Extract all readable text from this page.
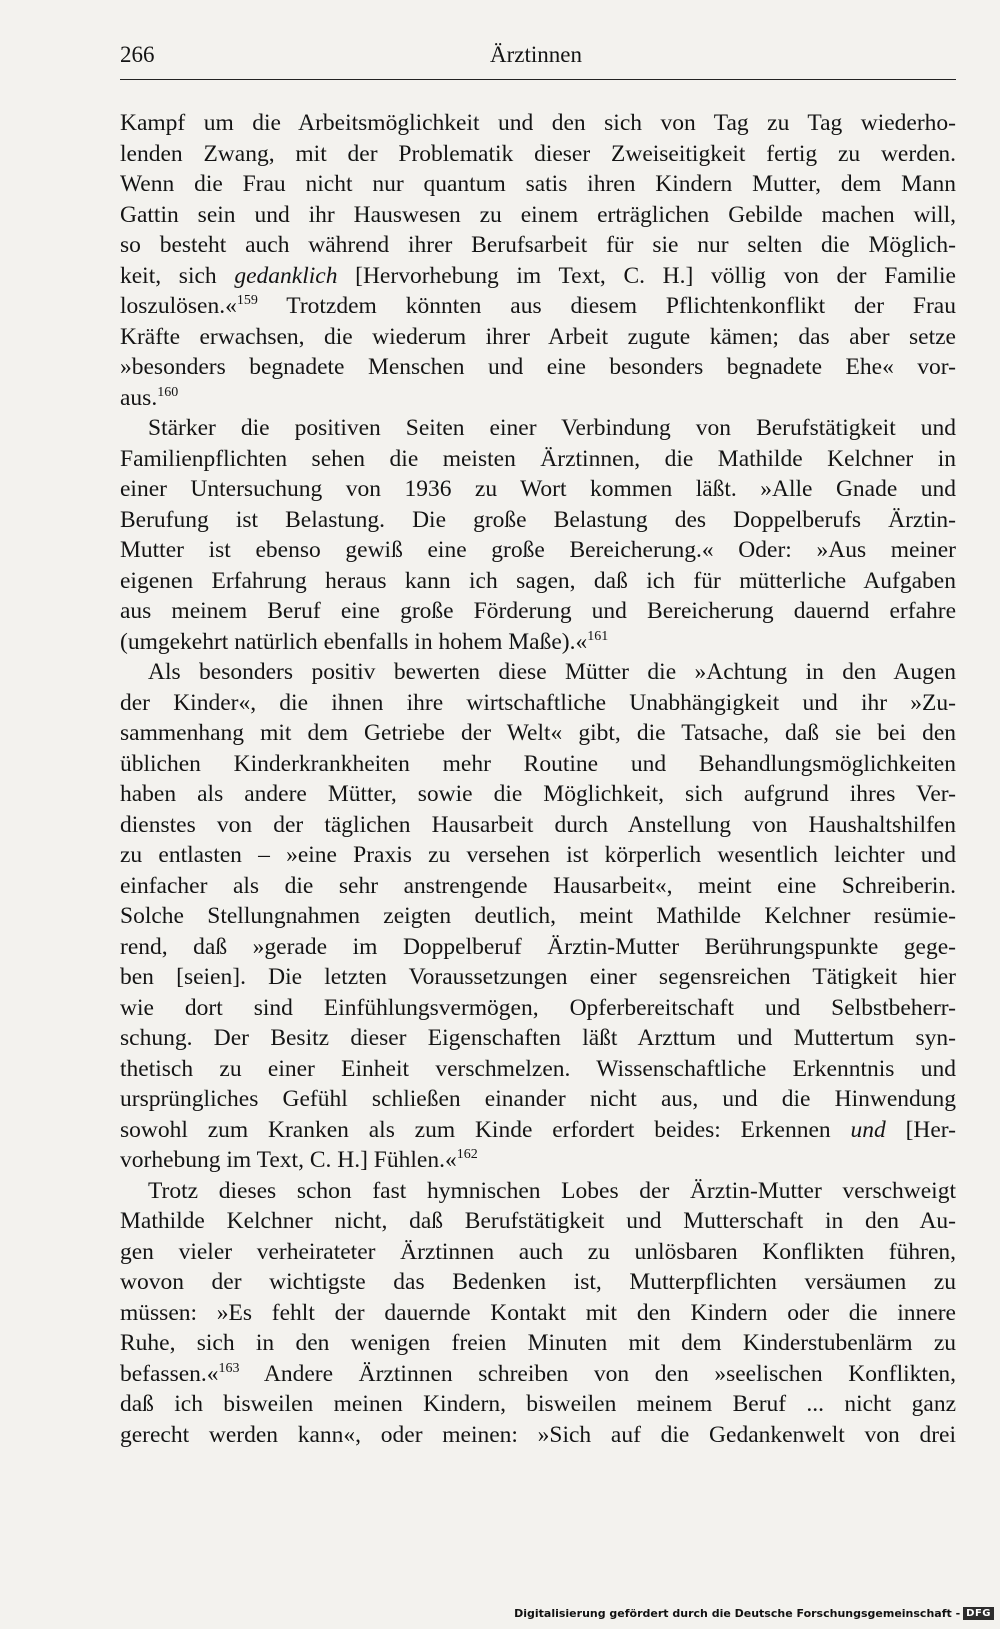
266	Ärztinnen
Kampf um die Arbeitsmöglichkeit und den sich von Tag zu Tag wiederho-
lenden Zwang, mit der Problematik dieser Zweiseitigkeit fertig zu werden.
Wenn die Frau nicht nur quantum satis ihren Kindern Mutter, dem Mann
Gattin sein und ihr Hauswesen zu einem erträglichen Gebilde machen will,
so besteht auch während ihrer Berufsarbeit für sie nur selten die Möglich-
keit, sich gedanklich [Hervorhebung im Text, C. H.] völlig von der Familie
loszulösen.«$^{159}$ Trotzdem könnten aus diesem Pflichtenkonflikt der Frau
Kräfte erwachsen, die wiederum ihrer Arbeit zugute kämen; das aber setze
»besonders begnadete Menschen und eine besonders begnadete Ehe« vor-
aus.$^{160}$
Stärker die positiven Seiten einer Verbindung von Berufstätigkeit und
Familienpflichten sehen die meisten Ärztinnen, die Mathilde Kelchner in
einer Untersuchung von 1936 zu Wort kommen läßt. »Alle Gnade und
Berufung ist Belastung. Die große Belastung des Doppelberufs Ärztin-
Mutter ist ebenso gewiß eine große Bereicherung.« Oder: »Aus meiner
eigenen Erfahrung heraus kann ich sagen, daß ich für mütterliche Aufgaben
aus meinem Beruf eine große Förderung und Bereicherung dauernd erfahre
(umgekehrt natürlich ebenfalls in hohem Maße).«$^{161}$
Als besonders positiv bewerten diese Mütter die »Achtung in den Augen
der Kinder«, die ihnen ihre wirtschaftliche Unabhängigkeit und ihr »Zu-
sammenhang mit dem Getriebe der Welt« gibt, die Tatsache, daß sie bei den
üblichen Kinderkrankheiten mehr Routine und Behandlungsmöglichkeiten
haben als andere Mütter, sowie die Möglichkeit, sich aufgrund ihres Ver-
dienstes von der täglichen Hausarbeit durch Anstellung von Haushaltshilfen
zu entlasten – »eine Praxis zu versehen ist körperlich wesentlich leichter und
einfacher als die sehr anstrengende Hausarbeit«, meint eine Schreiberin.
Solche Stellungnahmen zeigten deutlich, meint Mathilde Kelchner resümie-
rend, daß »gerade im Doppelberuf Ärztin-Mutter Berührungspunkte gege-
ben [seien]. Die letzten Voraussetzungen einer segensreichen Tätigkeit hier
wie dort sind Einfühlungsvermögen, Opferbereitschaft und Selbstbeherr-
schung. Der Besitz dieser Eigenschaften läßt Arzttum und Muttertum syn-
thetisch zu einer Einheit verschmelzen. Wissenschaftliche Erkenntnis und
ursprüngliches Gefühl schließen einander nicht aus, und die Hinwendung
sowohl zum Kranken als zum Kinde erfordert beides: Erkennen und [Her-
vorhebung im Text, C. H.] Fühlen.«$^{162}$
Trotz dieses schon fast hymnischen Lobes der Ärztin-Mutter verschweigt
Mathilde Kelchner nicht, daß Berufstätigkeit und Mutterschaft in den Au-
gen vieler verheirateter Ärztinnen auch zu unlösbaren Konflikten führen,
wovon der wichtigste das Bedenken ist, Mutterpflichten versäumen zu
müssen: »Es fehlt der dauernde Kontakt mit den Kindern oder die innere
Ruhe, sich in den wenigen freien Minuten mit dem Kinderstubenlärm zu
befassen.«$^{163}$ Andere Ärztinnen schreiben von den »seelischen Konflikten,
daß ich bisweilen meinen Kindern, bisweilen meinem Beruf ... nicht ganz
gerecht werden kann«, oder meinen: »Sich auf die Gedankenwelt von drei
Digitalisierung gefördert durch die Deutsche Forschungsgemeinschaft - DFG
